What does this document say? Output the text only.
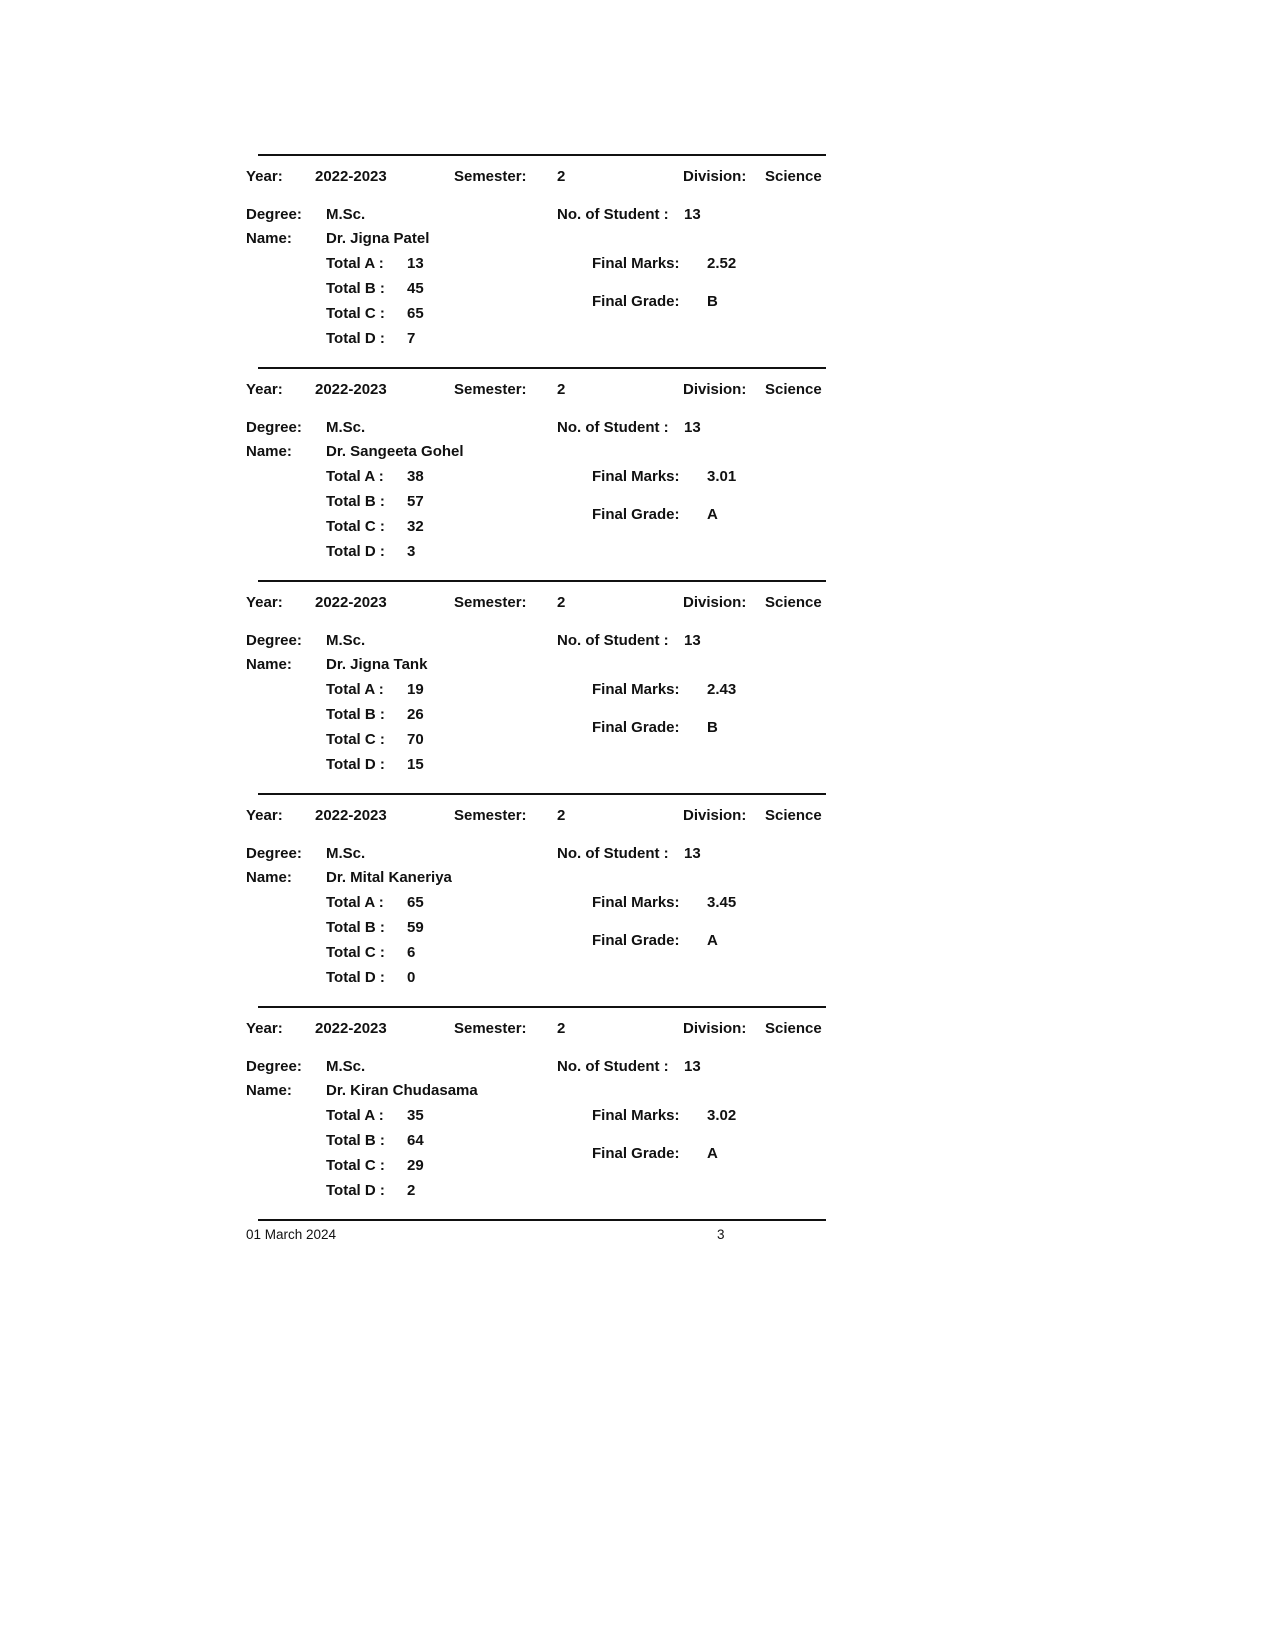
Year: 2022-2023	Semester: 2	Division: Science
Degree: M.Sc.	No. of Student : 13
Name: Dr. Jigna Patel
Total A : 13
Total B : 45
Total C : 65
Total D : 7
Final Marks: 2.52
Final Grade: B
Year: 2022-2023	Semester: 2	Division: Science
Degree: M.Sc.	No. of Student : 13
Name: Dr. Sangeeta Gohel
Total A : 38
Total B : 57
Total C : 32
Total D : 3
Final Marks: 3.01
Final Grade: A
Year: 2022-2023	Semester: 2	Division: Science
Degree: M.Sc.	No. of Student : 13
Name: Dr. Jigna Tank
Total A : 19
Total B : 26
Total C : 70
Total D : 15
Final Marks: 2.43
Final Grade: B
Year: 2022-2023	Semester: 2	Division: Science
Degree: M.Sc.	No. of Student : 13
Name: Dr. Mital Kaneriya
Total A : 65
Total B : 59
Total C : 6
Total D : 0
Final Marks: 3.45
Final Grade: A
Year: 2022-2023	Semester: 2	Division: Science
Degree: M.Sc.	No. of Student : 13
Name: Dr. Kiran Chudasama
Total A : 35
Total B : 64
Total C : 29
Total D : 2
Final Marks: 3.02
Final Grade: A
01 March 2024	3
